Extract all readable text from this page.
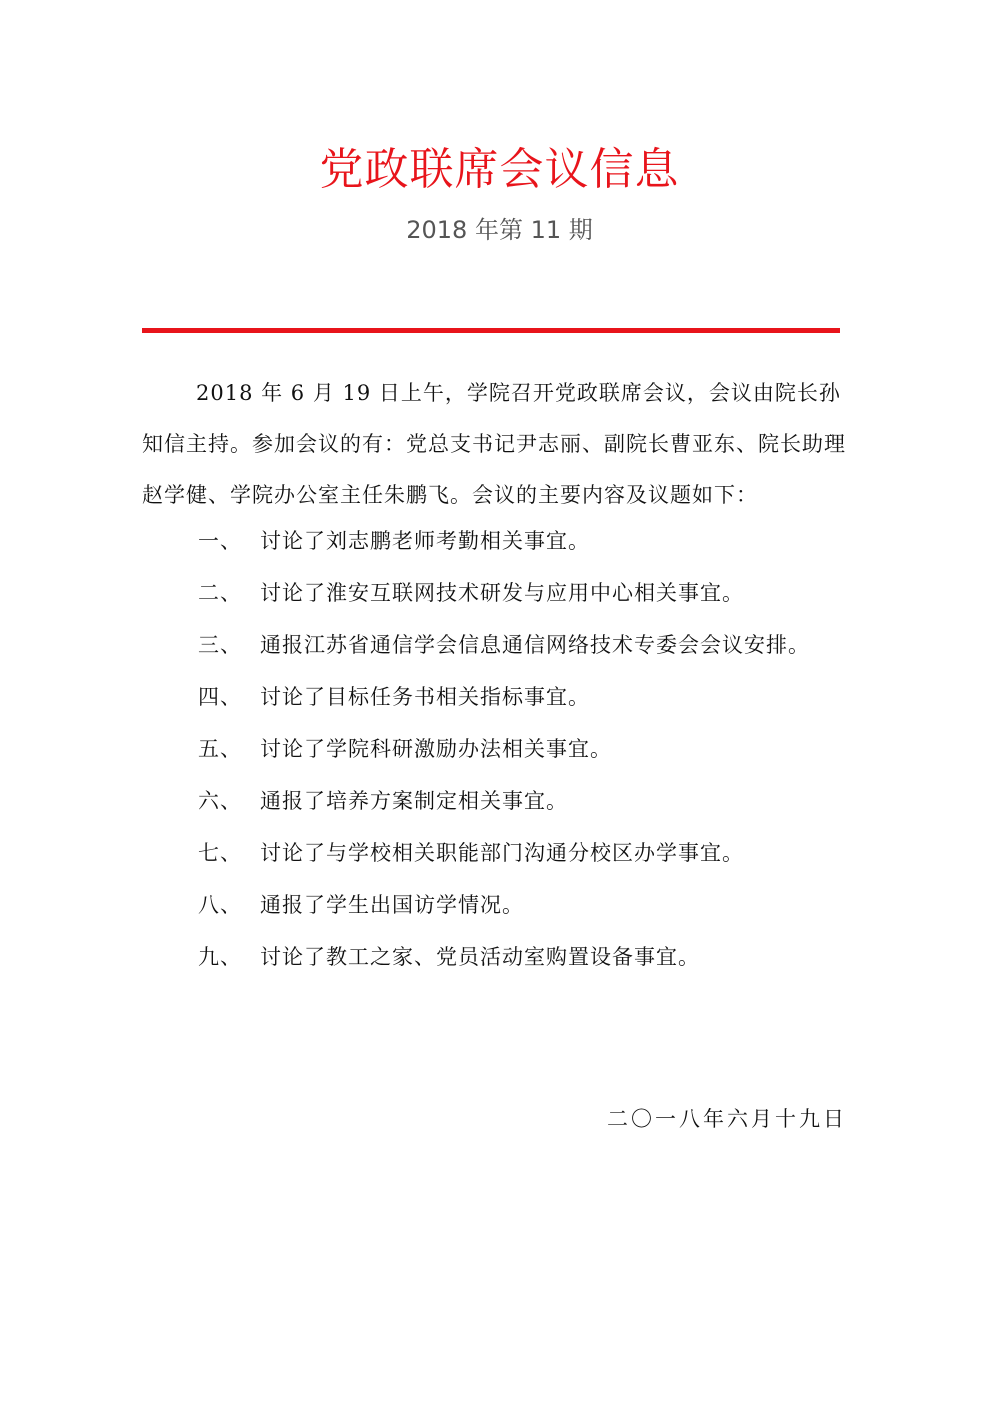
党政联席会议信息
2018 年第 11 期
2018 年 6 月 19 日上午，学院召开党政联席会议，会议由院长孙知信主持。参加会议的有：党总支书记尹志丽、副院长曹亚东、院长助理赵学健、学院办公室主任朱鹏飞。会议的主要内容及议题如下：
一、 讨论了刘志鹏老师考勤相关事宜。
二、 讨论了淮安互联网技术研发与应用中心相关事宜。
三、 通报江苏省通信学会信息通信网络技术专委会会议安排。
四、 讨论了目标任务书相关指标事宜。
五、 讨论了学院科研激励办法相关事宜。
六、 通报了培养方案制定相关事宜。
七、 讨论了与学校相关职能部门沟通分校区办学事宜。
八、 通报了学生出国访学情况。
九、 讨论了教工之家、党员活动室购置设备事宜。
二〇一八年六月十九日
